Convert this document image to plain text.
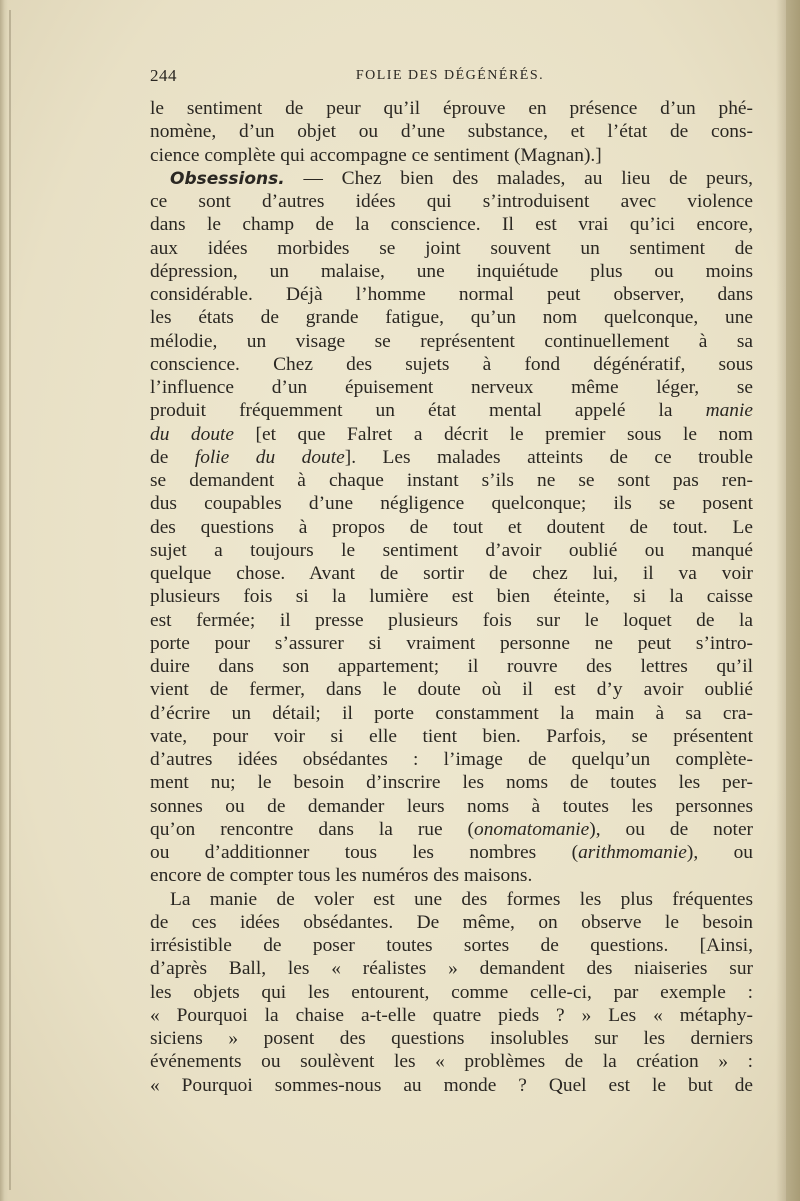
244	FOLIE DES DÉGÉNÉRÉS.
le sentiment de peur qu’il éprouve en présence d’un phé-
nomène, d’un objet ou d’une substance, et l’état de cons-
cience complète qui accompagne ce sentiment (Magnan).]
Obsessions. — Chez bien des malades, au lieu de peurs,
ce sont d’autres idées qui s’introduisent avec violence
dans le champ de la conscience. Il est vrai qu’ici encore,
aux idées morbides se joint souvent un sentiment de
dépression, un malaise, une inquiétude plus ou moins
considérable. Déjà l’homme normal peut observer, dans
les états de grande fatigue, qu’un nom quelconque, une
mélodie, un visage se représentent continuellement à sa
conscience. Chez des sujets à fond dégénératif, sous
l’influence d’un épuisement nerveux même léger, se
produit fréquemment un état mental appelé la manie
du doute [et que Falret a décrit le premier sous le nom
de folie du doute]. Les malades atteints de ce trouble
se demandent à chaque instant s’ils ne se sont pas ren-
dus coupables d’une négligence quelconque; ils se posent
des questions à propos de tout et doutent de tout. Le
sujet a toujours le sentiment d’avoir oublié ou manqué
quelque chose. Avant de sortir de chez lui, il va voir
plusieurs fois si la lumière est bien éteinte, si la caisse
est fermée; il presse plusieurs fois sur le loquet de la
porte pour s’assurer si vraiment personne ne peut s’intro-
duire dans son appartement; il rouvre des lettres qu’il
vient de fermer, dans le doute où il est d’y avoir oublié
d’écrire un détail; il porte constamment la main à sa cra-
vate, pour voir si elle tient bien. Parfois, se présentent
d’autres idées obsédantes : l’image de quelqu’un complète-
ment nu; le besoin d’inscrire les noms de toutes les per-
sonnes ou de demander leurs noms à toutes les personnes
qu’on rencontre dans la rue (onomatomanie), ou de noter
ou d’additionner tous les nombres (arithmomanie), ou
encore de compter tous les numéros des maisons.
La manie de voler est une des formes les plus fréquentes
de ces idées obsédantes. De même, on observe le besoin
irrésistible de poser toutes sortes de questions. [Ainsi,
d’après Ball, les « réalistes » demandent des niaiseries sur
les objets qui les entourent, comme celle-ci, par exemple :
« Pourquoi la chaise a-t-elle quatre pieds ? » Les « métaphy-
siciens » posent des questions insolubles sur les derniers
événements ou soulèvent les « problèmes de la création » :
« Pourquoi sommes-nous au monde ? Quel est le but de
